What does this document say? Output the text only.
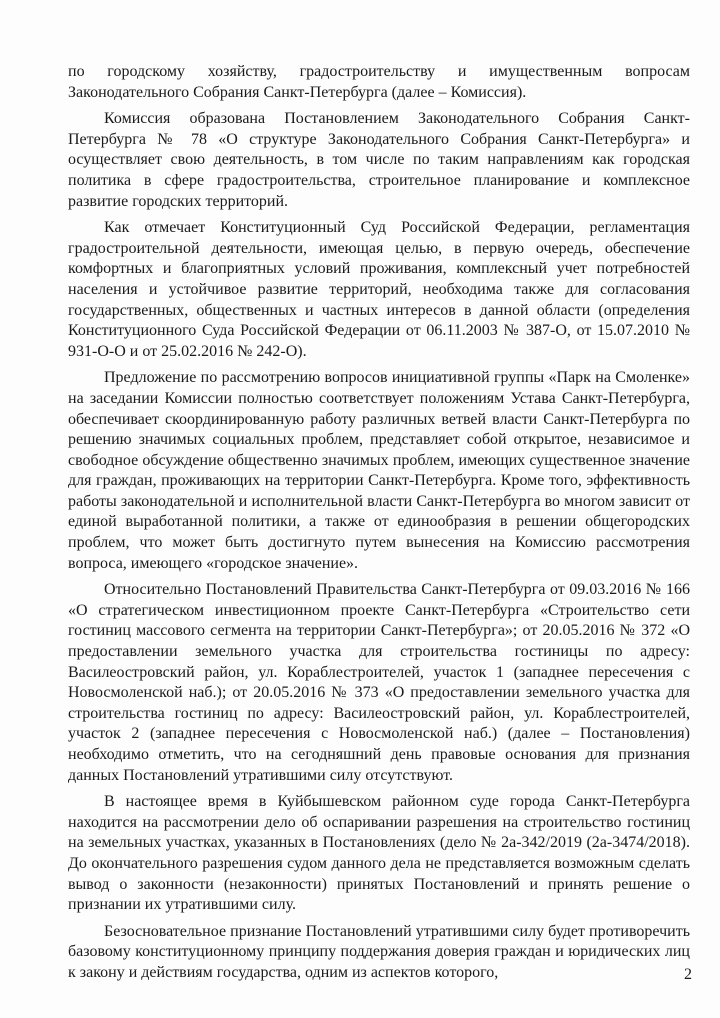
по городскому хозяйству, градостроительству и имущественным вопросам Законодательного Собрания Санкт-Петербурга (далее – Комиссия).

Комиссия образована Постановлением Законодательного Собрания Санкт-Петербурга № 78 «О структуре Законодательного Собрания Санкт-Петербурга» и осуществляет свою деятельность, в том числе по таким направлениям как городская политика в сфере градостроительства, строительное планирование и комплексное развитие городских территорий.

Как отмечает Конституционный Суд Российской Федерации, регламентация градостроительной деятельности, имеющая целью, в первую очередь, обеспечение комфортных и благоприятных условий проживания, комплексный учет потребностей населения и устойчивое развитие территорий, необходима также для согласования государственных, общественных и частных интересов в данной области (определения Конституционного Суда Российской Федерации от 06.11.2003 № 387-О, от 15.07.2010 № 931-О-О и от 25.02.2016 № 242-О).

Предложение по рассмотрению вопросов инициативной группы «Парк на Смоленке» на заседании Комиссии полностью соответствует положениям Устава Санкт-Петербурга, обеспечивает скоординированную работу различных ветвей власти Санкт-Петербурга по решению значимых социальных проблем, представляет собой открытое, независимое и свободное обсуждение общественно значимых проблем, имеющих существенное значение для граждан, проживающих на территории Санкт-Петербурга. Кроме того, эффективность работы законодательной и исполнительной власти Санкт-Петербурга во многом зависит от единой выработанной политики, а также от единообразия в решении общегородских проблем, что может быть достигнуто путем вынесения на Комиссию рассмотрения вопроса, имеющего «городское значение».

Относительно Постановлений Правительства Санкт-Петербурга от 09.03.2016 № 166 «О стратегическом инвестиционном проекте Санкт-Петербурга «Строительство сети гостиниц массового сегмента на территории Санкт-Петербурга»; от 20.05.2016 № 372 «О предоставлении земельного участка для строительства гостиницы по адресу: Василеостровский район, ул. Кораблестроителей, участок 1 (западнее пересечения с Новосмоленской наб.); от 20.05.2016 № 373 «О предоставлении земельного участка для строительства гостиниц по адресу: Василеостровский район, ул. Кораблестроителей, участок 2 (западнее пересечения с Новосмоленской наб.) (далее – Постановления) необходимо отметить, что на сегодняшний день правовые основания для признания данных Постановлений утратившими силу отсутствуют.

В настоящее время в Куйбышевском районном суде города Санкт-Петербурга находится на рассмотрении дело об оспаривании разрешения на строительство гостиниц на земельных участках, указанных в Постановлениях (дело № 2а-342/2019 (2а-3474/2018). До окончательного разрешения судом данного дела не представляется возможным сделать вывод о законности (незаконности) принятых Постановлений и принять решение о признании их утратившими силу.

Безосновательное признание Постановлений утратившими силу будет противоречить базовому конституционному принципу поддержания доверия граждан и юридических лиц к закону и действиям государства, одним из аспектов которого,	2
